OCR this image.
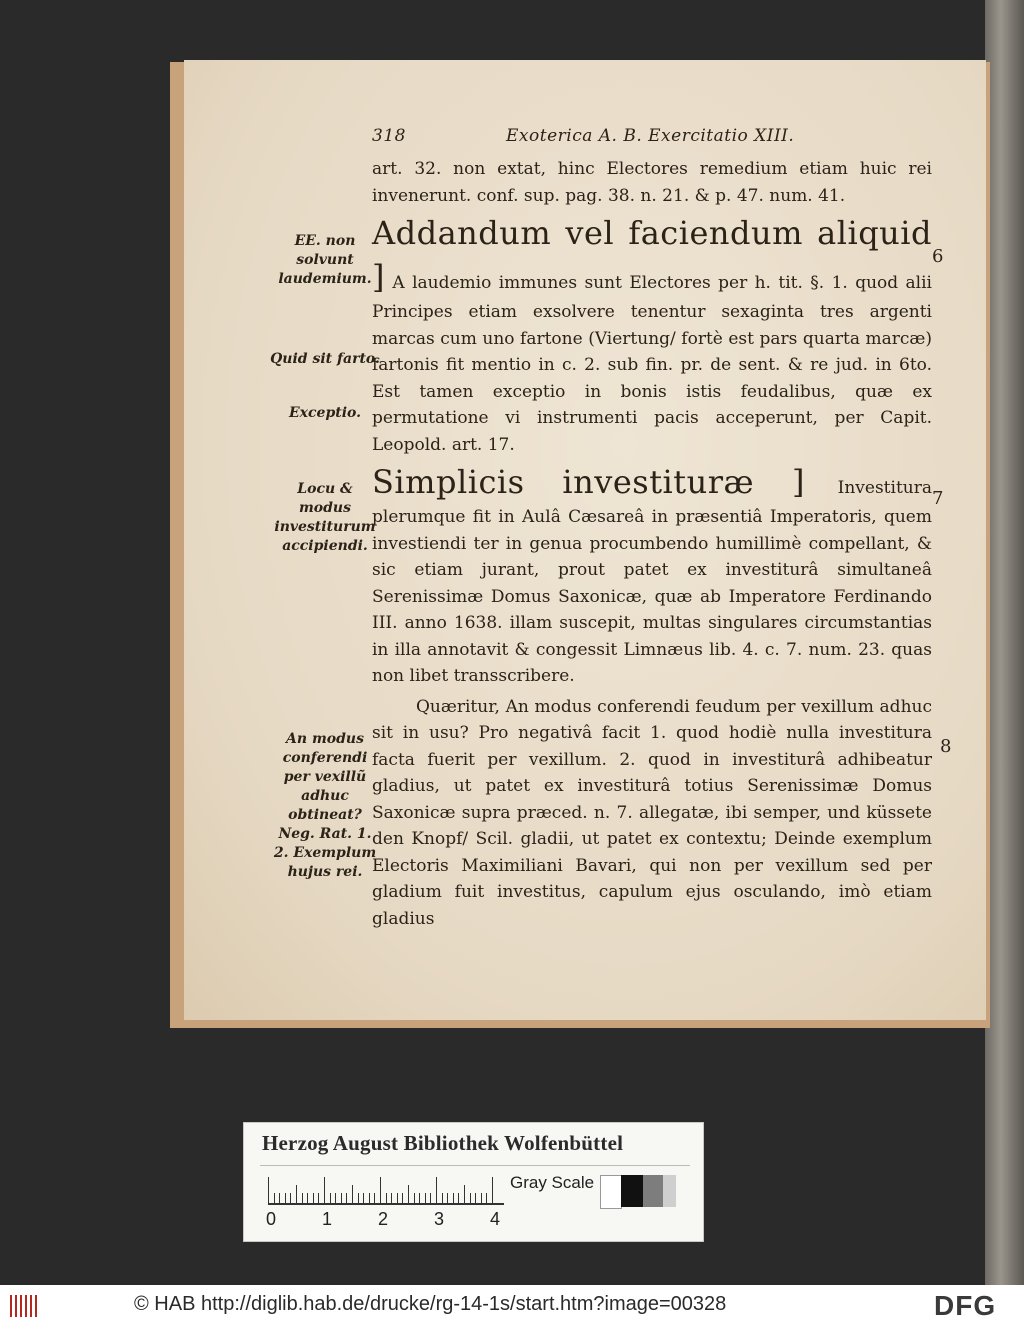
318	Exoterica A. B. Exercitatio XIII.
EE. non solvunt laudemium.
Quid sit farto.
Exceptio.
Locu & modus investiturum accipiendi.
An modus conferendi per vexillũ adhuc obtineat? Neg. Rat. 1. 2. Exemplum hujus rei.

art. 32. non extat, hinc Electores remedium etiam huic rei invenerunt. conf. sup. pag. 38. n. 21. & p. 47. num. 41.

Addandum vel faciendum aliquid ] A laudemio immunes sunt Electores per h. tit. §. 1. quod alii Principes etiam exsolvere tenentur sexaginta tres argenti marcas cum uno fartone (Viertung/ fortè est pars quarta marcæ) fartonis fit mentio in c. 2. sub fin. pr. de sent. & re jud. in 6to. Est tamen exceptio in bonis istis feudalibus, quæ ex permutatione vi instrumenti pacis acceperunt, per Capit. Leopold. art. 17.

Simplicis investituræ ] Investitura plerumque fit in Aulâ Cæsareâ in præsentiâ Imperatoris, quem investiendi ter in genua procumbendo humillimè compellant, & sic etiam jurant, prout patet ex investiturâ simultaneâ Serenissimæ Domus Saxonicæ, quæ ab Imperatore Ferdinando III. anno 1638. illam suscepit, multas singulares circumstantias in illa annotavit & congessit Limnæus lib. 4. c. 7. num. 23. quas non libet transscribere.

Quæritur, An modus conferendi feudum per vexillum adhuc sit in usu? Pro negativâ facit 1. quod hodiè nulla investitura facta fuerit per vexillum. 2. quod in investiturâ adhibeatur gladius, ut patet ex investiturâ totius Serenissimæ Domus Saxonicæ supra præced. n. 7. allegatæ, ibi semper, und küssete den Knopf/ Scil. gladii, ut patet ex contextu; Deinde exemplum Electoris Maximiliani Bavari, qui non per vexillum sed per gladium fuit investitus, capulum ejus osculando, imò etiam gladius

6
7
8
Herzog August Bibliothek Wolfenbüttel
0	1	2	3	4
Gray Scale
© HAB http://diglib.hab.de/drucke/rg-14-1s/start.htm?image=00328	DFG
